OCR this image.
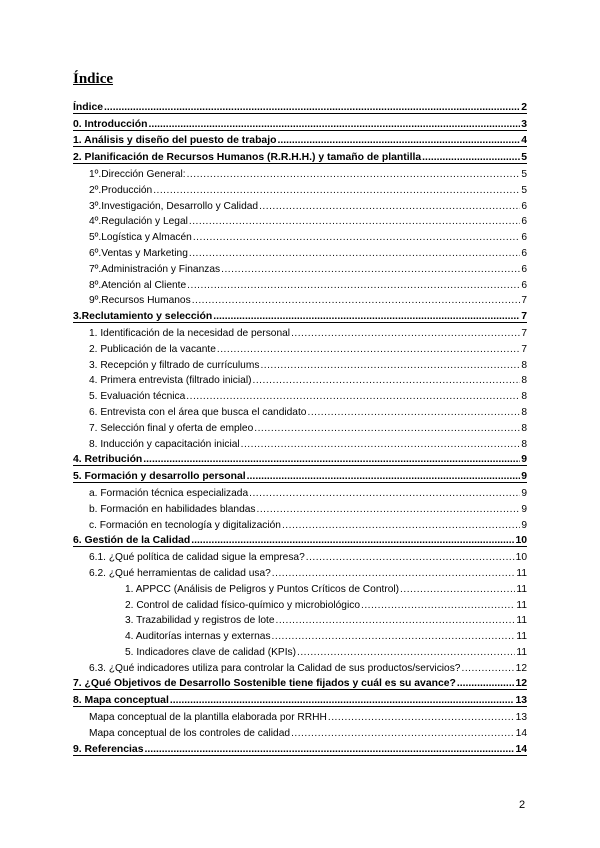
Índice
Índice .....	2
0. Introducción .....	3
1. Análisis y diseño del puesto de trabajo .....	4
2. Planificación de Recursos Humanos (R.R.H.H.) y tamaño de plantilla .....	5
1º.Dirección General: .....	5
2º.Producción .....	5
3º.Investigación, Desarrollo y Calidad .....	6
4º.Regulación y Legal .....	6
5º.Logística y Almacén .....	6
6º.Ventas y Marketing .....	6
7º.Administración y Finanzas .....	6
8º.Atención al Cliente .....	6
9º.Recursos Humanos .....	7
3.Reclutamiento y selección .....	7
1. Identificación de la necesidad de personal .....	7
2. Publicación de la vacante .....	7
3. Recepción y filtrado de currículums .....	8
4. Primera entrevista (filtrado inicial) .....	8
5. Evaluación técnica .....	8
6. Entrevista con el área que busca el candidato .....	8
7. Selección final y oferta de empleo .....	8
8. Inducción y capacitación inicial .....	8
4. Retribución .....	9
5. Formación y desarrollo personal .....	9
a. Formación técnica especializada .....	9
b. Formación en habilidades blandas .....	9
c. Formación en tecnología y digitalización .....	9
6. Gestión de la Calidad .....	10
6.1. ¿Qué política de calidad sigue la empresa? .....	10
6.2. ¿Qué herramientas de calidad usa? .....	11
1. APPCC (Análisis de Peligros y Puntos Críticos de Control) .....	11
2. Control de calidad físico-químico y microbiológico .....	11
3. Trazabilidad y registros de lote .....	11
4. Auditorías internas y externas .....	11
5. Indicadores clave de calidad (KPIs) .....	11
6.3. ¿Qué indicadores utiliza para controlar la Calidad de sus productos/servicios? .....	12
7. ¿Qué Objetivos de Desarrollo Sostenible tiene fijados y cuál es su avance? .....	12
8. Mapa conceptual .....	13
Mapa conceptual de la plantilla elaborada por RRHH .....	13
Mapa conceptual de los controles de calidad .....	14
9. Referencias .....	14
2
